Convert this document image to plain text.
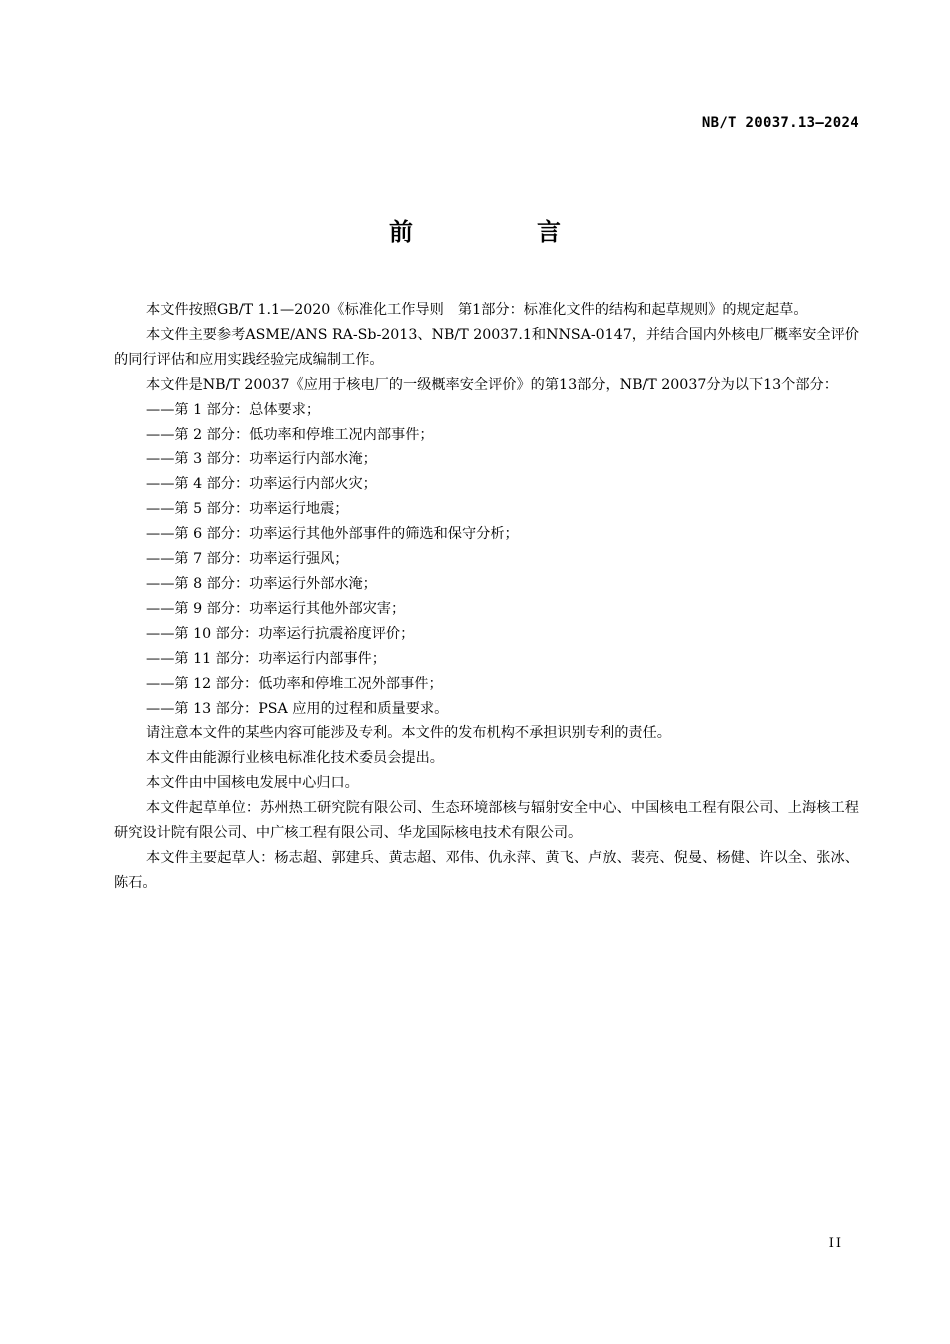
NB/T 20037.13—2024
前　言

本文件按照GB/T 1.1—2020《标准化工作导则　第1部分：标准化文件的结构和起草规则》的规定起草。

本文件主要参考ASME/ANS RA-Sb-2013、NB/T 20037.1和NNSA-0147，并结合国内外核电厂概率安全评价的同行评估和应用实践经验完成编制工作。

本文件是NB/T 20037《应用于核电厂的一级概率安全评价》的第13部分，NB/T 20037分为以下13个部分：

——第 1 部分：总体要求；

——第 2 部分：低功率和停堆工况内部事件；

——第 3 部分：功率运行内部水淹；

——第 4 部分：功率运行内部火灾；

——第 5 部分：功率运行地震；

——第 6 部分：功率运行其他外部事件的筛选和保守分析；

——第 7 部分：功率运行强风；

——第 8 部分：功率运行外部水淹；

——第 9 部分：功率运行其他外部灾害；

——第 10 部分：功率运行抗震裕度评价；

——第 11 部分：功率运行内部事件；

——第 12 部分：低功率和停堆工况外部事件；

——第 13 部分：PSA 应用的过程和质量要求。

请注意本文件的某些内容可能涉及专利。本文件的发布机构不承担识别专利的责任。

本文件由能源行业核电标准化技术委员会提出。

本文件由中国核电发展中心归口。

本文件起草单位：苏州热工研究院有限公司、生态环境部核与辐射安全中心、中国核电工程有限公司、上海核工程研究设计院有限公司、中广核工程有限公司、华龙国际核电技术有限公司。

本文件主要起草人：杨志超、郭建兵、黄志超、邓伟、仇永萍、黄飞、卢放、裴亮、倪曼、杨健、许以全、张冰、陈石。

II
